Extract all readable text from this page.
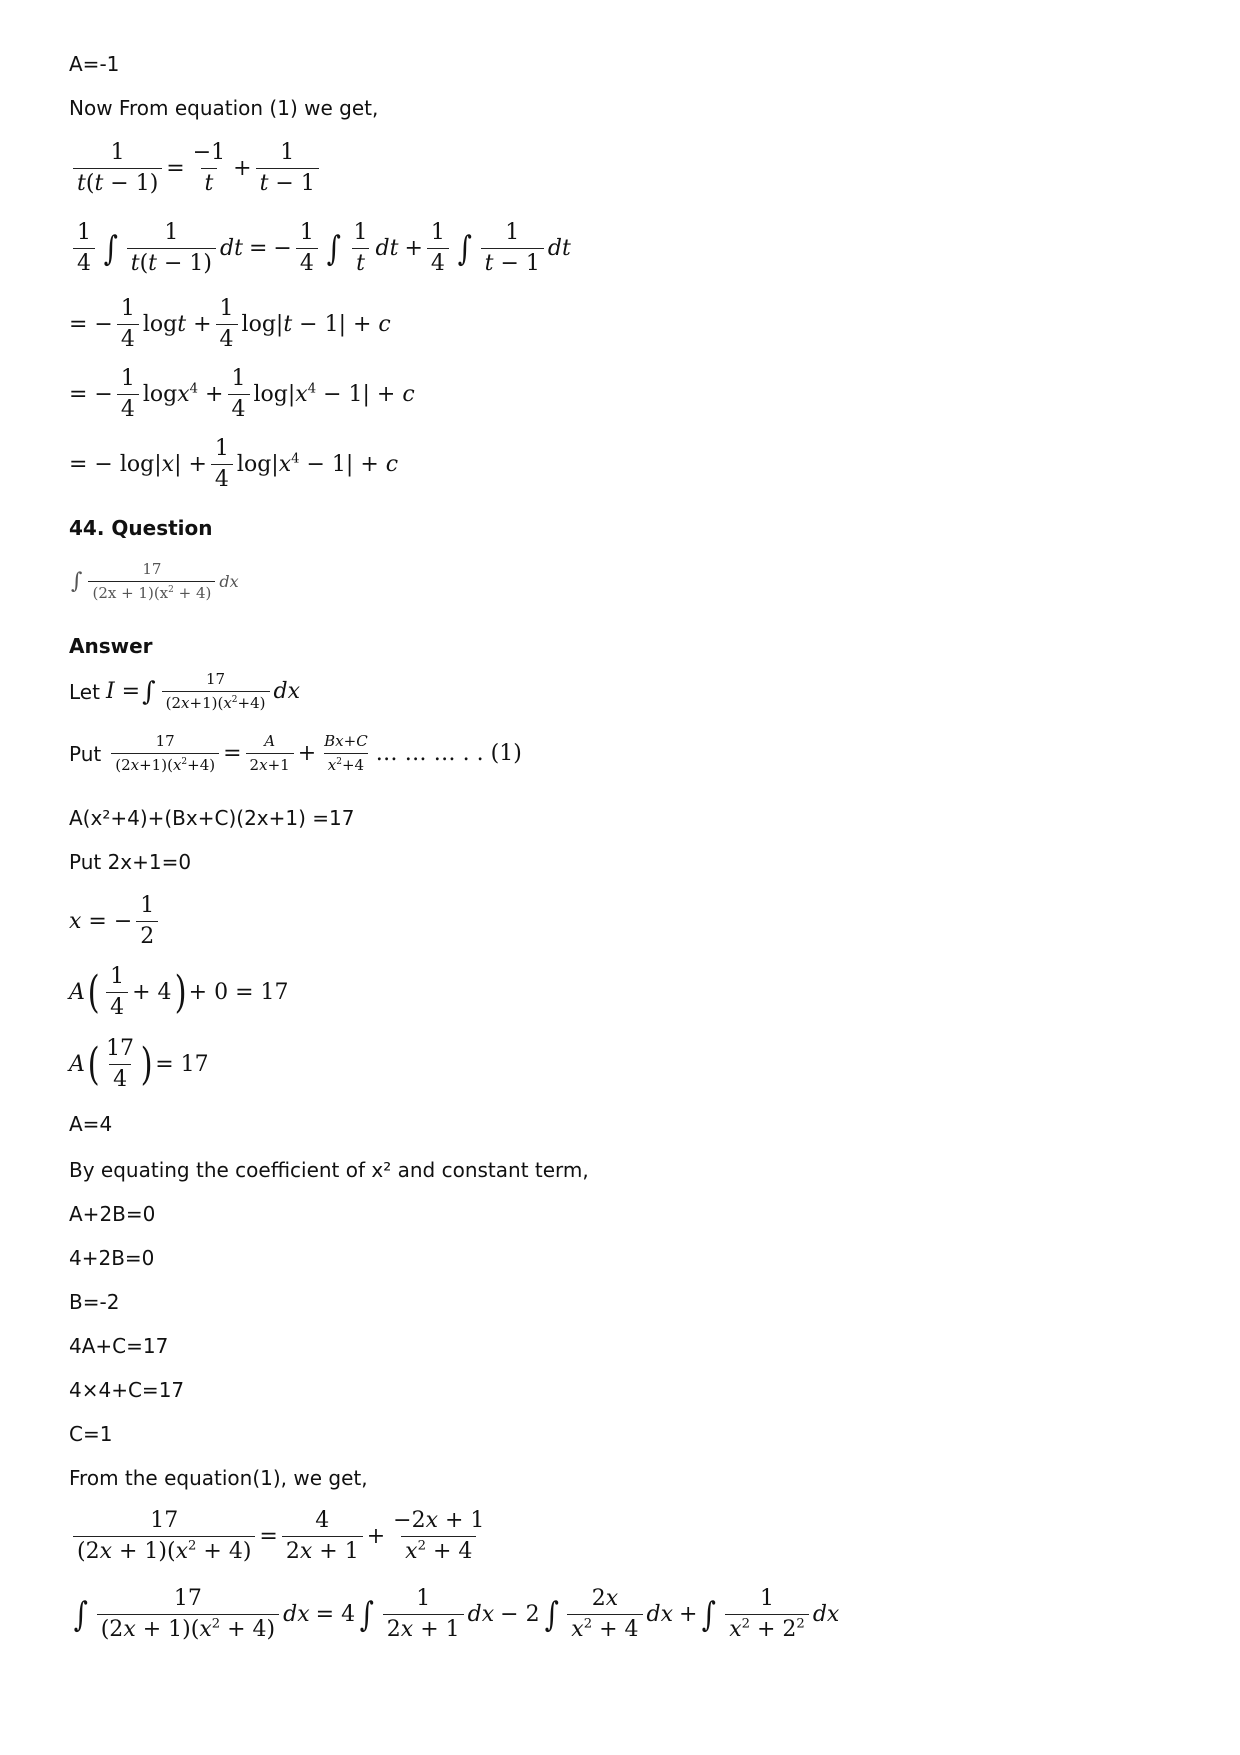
A=-1
Now From equation (1) we get,
$\frac{1}{t(t - 1)} = \frac{-1}{t} + \frac{1}{t - 1}$
1
4 ∫ 1
t(t − 1)
dt = −
1
4 ∫ 1
t
dt +
1
4 ∫ 1
t − 1
dt
= − $\frac{1}{4}$ $\log t + \frac{1}{4} \log|t - 1| + c$
= − $\frac{1}{4} \log x^4 + \frac{1}{4} \log|x^4 - 1| + c$
= − $\log|x| + \frac{1}{4} \log|x^4 - 1| + c$
44. Question
∫	17
$(2x + 1)(x^2 + 4)$
dx
Answer
Let I = ∫ $\frac{17}{(2x+1)(x^2+4)}$ dx
Put $\frac{17}{(2x+1)(x^2+4)} = \frac{A}{2x+1} + \frac{Bx+C}{x^2+4}$ … … … . . (1)
A(x²+4)+(Bx+C)(2x+1) =17
Put 2x+1=0
x = − $\frac{1}{2}$
A ( 1
4
+ 4 ) + 0 = 17
A ( 17
4 ) = 17
A=4
By equating the coefficient of x² and constant term,
A+2B=0
4+2B=0
B=-2
4A+C=17
4×4+C=17
C=1
From the equation(1), we get,
$\frac{17}{(2x + 1)(x^2 + 4)} = \frac{4}{2x + 1} + \frac{-2x + 1}{x^2 + 4}$
∫	17
$(2x + 1)(x^2 + 4)$
dx = 4 ∫ 1
2x + 1
dx − 2 ∫ 2x
$x^2 + 4$
dx + ∫ 1
$x^2 + 2^2$ dx
